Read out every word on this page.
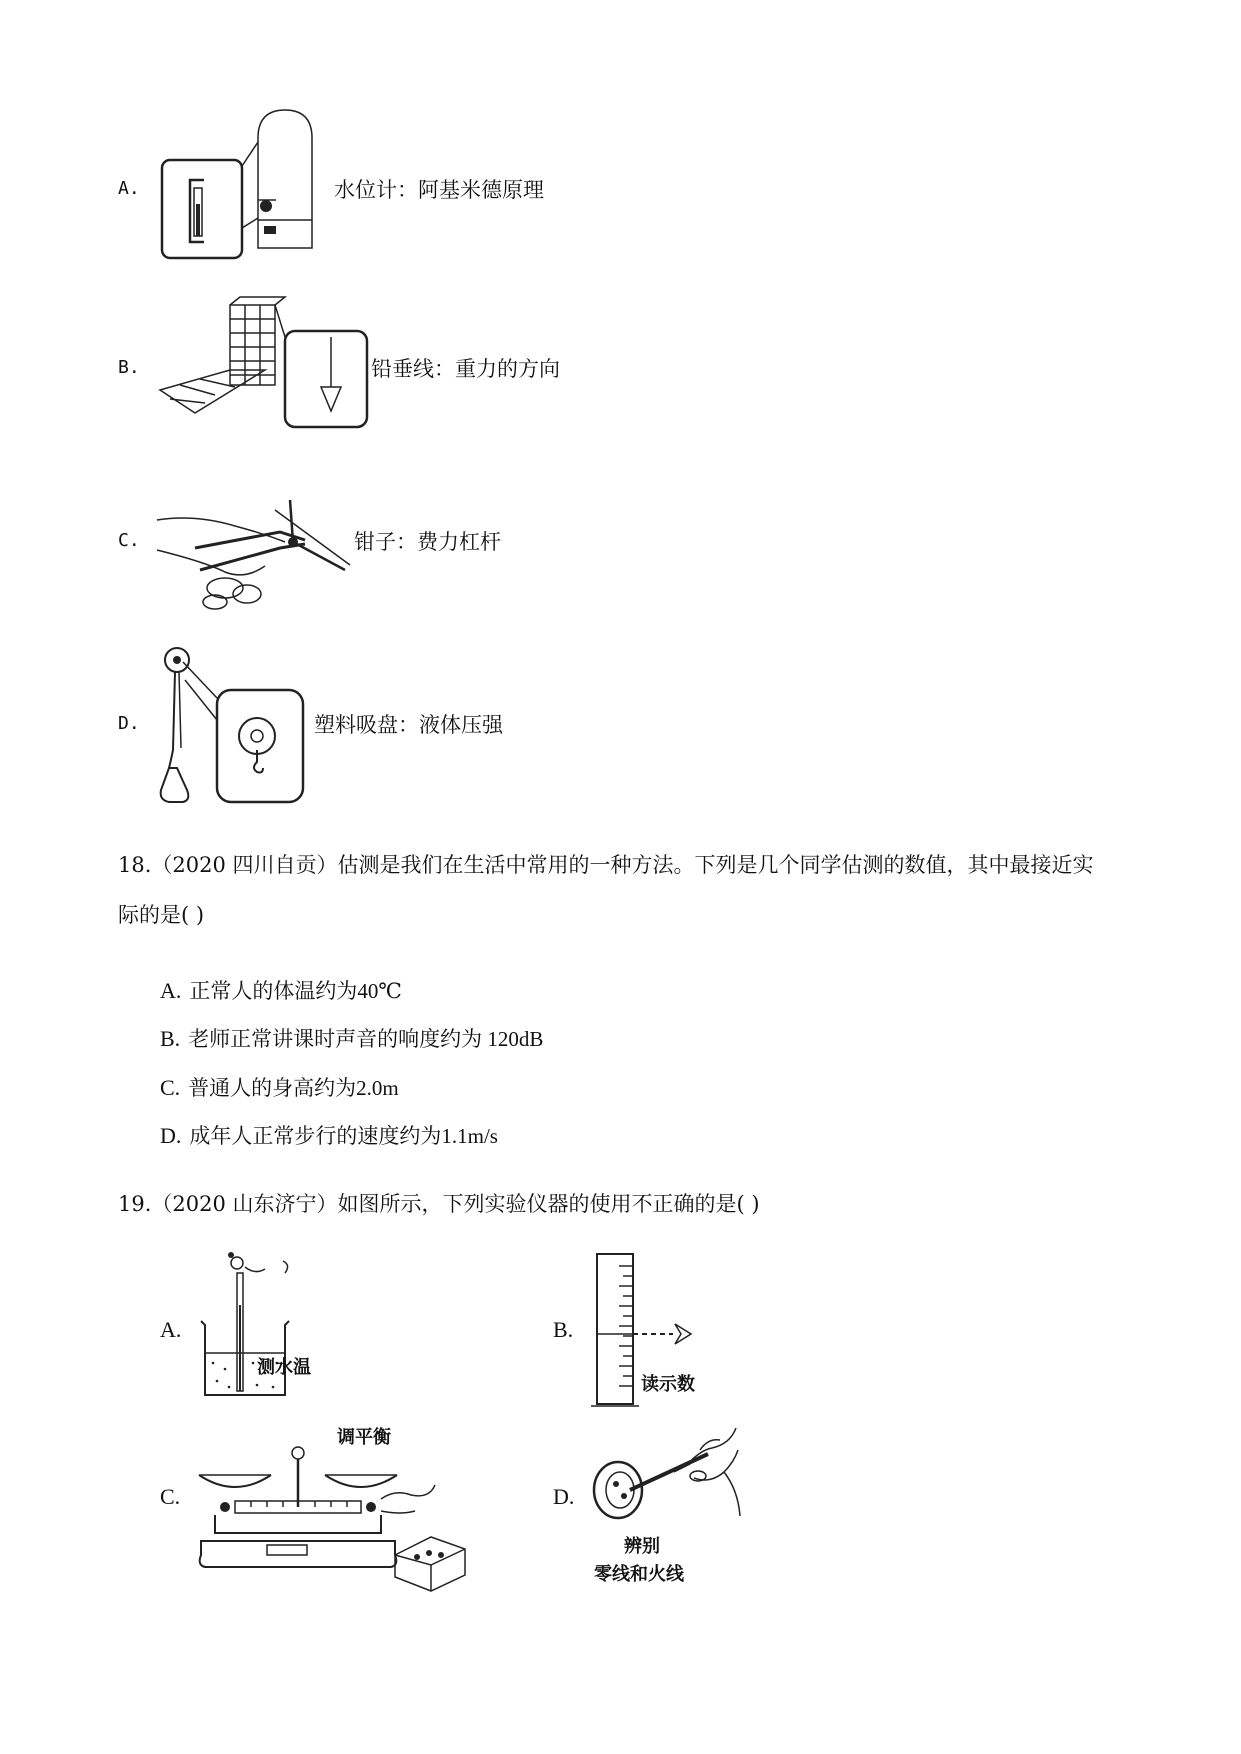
A.	水位计：阿基米德原理
B.	铅垂线：重力的方向
C.	钳子：费力杠杆
D.	塑料吸盘：液体压强
18.（2020 四川自贡）估测是我们在生活中常用的一种方法。下列是几个同学估测的数值，其中最接近实
际的是( )
A. 正常人的体温约为40℃
B. 老师正常讲课时声音的响度约为 120dB
C. 普通人的身高约为2.0m
D. 成年人正常步行的速度约为1.1m/s
19.（2020 山东济宁）如图所示，下列实验仪器的使用不正确的是( )
A.
测水温
B.
读示数
C.
调平衡
D.
辨别
零线和火线
